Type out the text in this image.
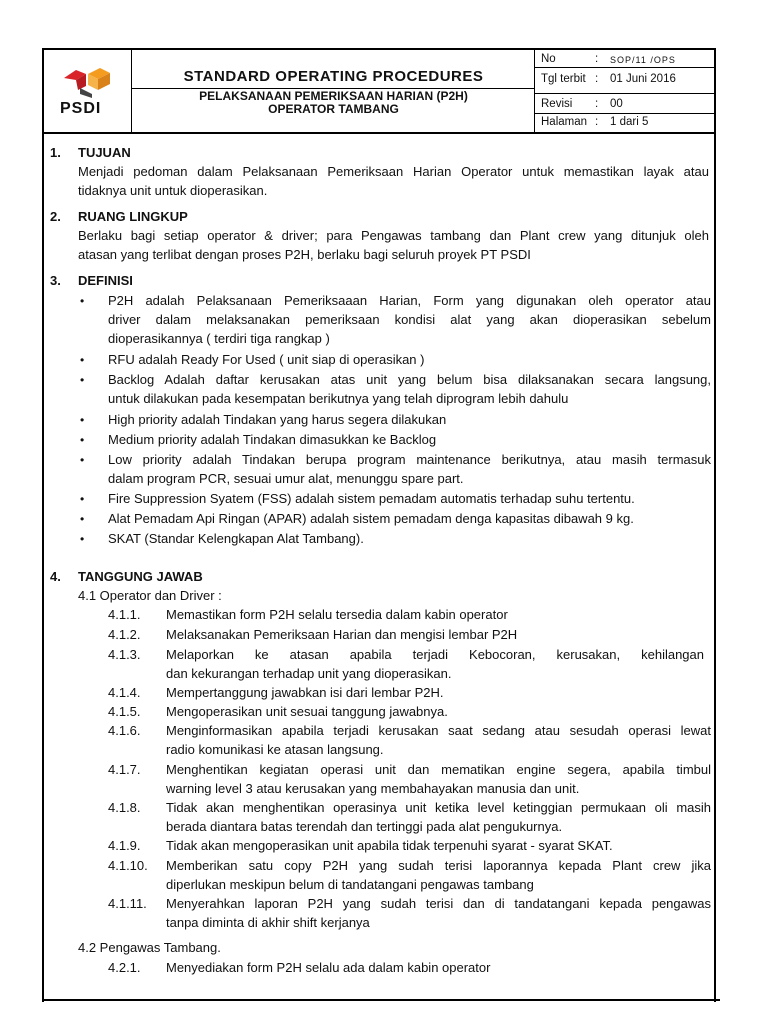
PSDI
STANDARD OPERATING PROCEDURES
PELAKSANAAN PEMERIKSAAN HARIAN (P2H)
OPERATOR TAMBANG
No	: SOP/11 /OPS
Tgl terbit : 01 Juni 2016
Revisi : 00
Halaman : 1 dari 5
1. TUJUAN
Menjadi pedoman dalam Pelaksanaan Pemeriksaan Harian Operator untuk memastikan layak atau
tidaknya unit untuk dioperasikan.
2. RUANG LINGKUP
Berlaku bagi setiap operator & driver; para Pengawas tambang dan Plant crew yang ditunjuk oleh
atasan yang terlibat dengan proses P2H, berlaku bagi seluruh proyek PT PSDI
3. DEFINISI
• P2H adalah Pelaksanaan Pemeriksaaan Harian, Form yang digunakan oleh operator atau
driver dalam melaksanakan pemeriksaan kondisi alat yang akan dioperasikan sebelum
dioperasikannya ( terdiri tiga rangkap )
• RFU adalah Ready For Used ( unit siap di operasikan )
• Backlog Adalah daftar kerusakan atas unit yang belum bisa dilaksanakan secara langsung,
untuk dilakukan pada kesempatan berikutnya yang telah diprogram lebih dahulu
• High priority adalah Tindakan yang harus segera dilakukan
• Medium priority adalah Tindakan dimasukkan ke Backlog
• Low priority adalah Tindakan berupa program maintenance berikutnya, atau masih termasuk
dalam program PCR, sesuai umur alat, menunggu spare part.
• Fire Suppression Syatem (FSS) adalah sistem pemadam automatis terhadap suhu tertentu.
• Alat Pemadam Api Ringan (APAR) adalah sistem pemadam denga kapasitas dibawah 9 kg.
• SKAT (Standar Kelengkapan Alat Tambang).
4. TANGGUNG JAWAB
4.1 Operator dan Driver :
4.1.1. Memastikan form P2H selalu tersedia dalam kabin operator
4.1.2. Melaksanakan Pemeriksaan Harian dan mengisi lembar P2H
4.1.3. Melaporkan ke atasan apabila terjadi Kebocoran, kerusakan, kehilangan
dan kekurangan terhadap unit yang dioperasikan.
4.1.4. Mempertanggung jawabkan isi dari lembar P2H.
4.1.5. Mengoperasikan unit sesuai tanggung jawabnya.
4.1.6. Menginformasikan apabila terjadi kerusakan saat sedang atau sesudah operasi lewat
radio komunikasi ke atasan langsung.
4.1.7. Menghentikan kegiatan operasi unit dan mematikan engine segera, apabila timbul
warning level 3 atau kerusakan yang membahayakan manusia dan unit.
4.1.8. Tidak akan menghentikan operasinya unit ketika level ketinggian permukaan oli masih
berada diantara batas terendah dan tertinggi pada alat pengukurnya.
4.1.9. Tidak akan mengoperasikan unit apabila tidak terpenuhi syarat - syarat SKAT.
4.1.10. Memberikan satu copy P2H yang sudah terisi laporannya kepada Plant crew jika
diperlukan meskipun belum di tandatangani pengawas tambang
4.1.11. Menyerahkan laporan P2H yang sudah terisi dan di tandatangani kepada pengawas
tanpa diminta di akhir shift kerjanya
4.2 Pengawas Tambang.
4.2.1. Menyediakan form P2H selalu ada dalam kabin operator
